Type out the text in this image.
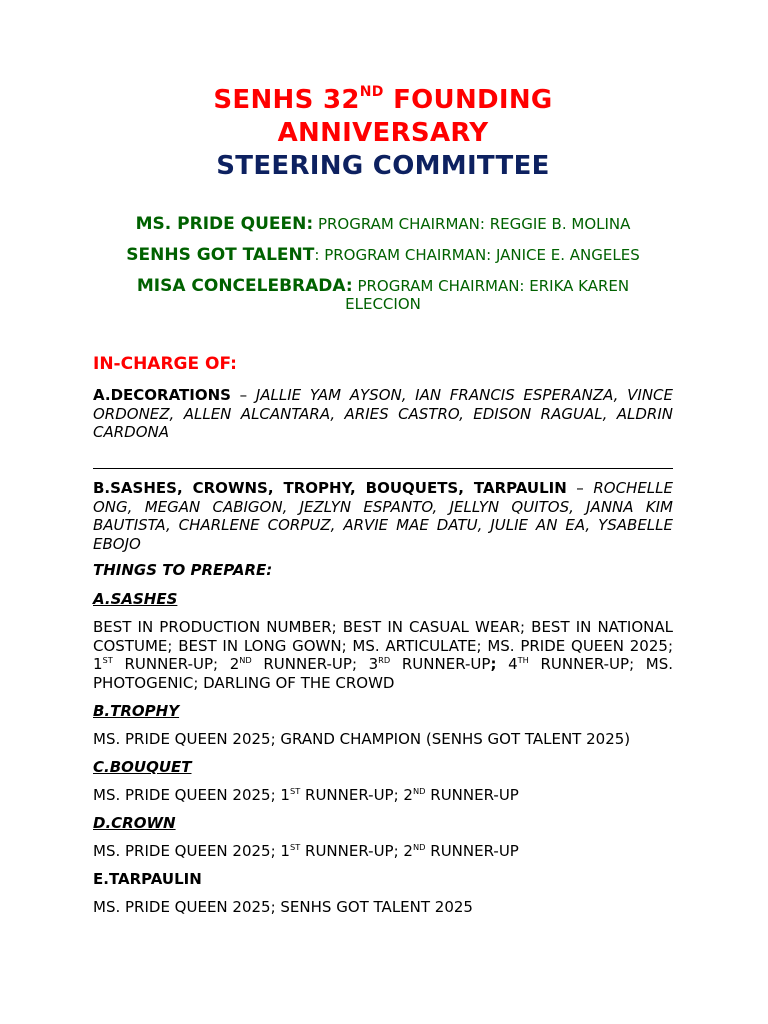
SENHS 32ND FOUNDING
ANNIVERSARY
STEERING COMMITTEE
MS. PRIDE QUEEN: PROGRAM CHAIRMAN: REGGIE B. MOLINA
SENHS GOT TALENT: PROGRAM CHAIRMAN: JANICE E. ANGELES
MISA CONCELEBRADA: PROGRAM CHAIRMAN: ERIKA KAREN
ELECCION
IN-CHARGE OF:
A.DECORATIONS – JALLIE YAM AYSON, IAN FRANCIS ESPERANZA, VINCE ORDONEZ, ALLEN ALCANTARA, ARIES CASTRO, EDISON RAGUAL, ALDRIN CARDONA
B.SASHES, CROWNS, TROPHY, BOUQUETS, TARPAULIN – ROCHELLE ONG, MEGAN CABIGON, JEZLYN ESPANTO, JELLYN QUITOS, JANNA KIM BAUTISTA, CHARLENE CORPUZ, ARVIE MAE DATU, JULIE AN EA, YSABELLE EBOJO
THINGS TO PREPARE:
A.SASHES
BEST IN PRODUCTION NUMBER; BEST IN CASUAL WEAR; BEST IN NATIONAL COSTUME; BEST IN LONG GOWN; MS. ARTICULATE; MS. PRIDE QUEEN 2025; 1ST RUNNER-UP; 2ND RUNNER-UP; 3RD RUNNER-UP; 4TH RUNNER-UP; MS. PHOTOGENIC; DARLING OF THE CROWD
B.TROPHY
MS. PRIDE QUEEN 2025; GRAND CHAMPION (SENHS GOT TALENT 2025)
C.BOUQUET
MS. PRIDE QUEEN 2025; 1ST RUNNER-UP; 2ND RUNNER-UP
D.CROWN
MS. PRIDE QUEEN 2025; 1ST RUNNER-UP; 2ND RUNNER-UP
E.TARPAULIN
MS. PRIDE QUEEN 2025; SENHS GOT TALENT 2025
